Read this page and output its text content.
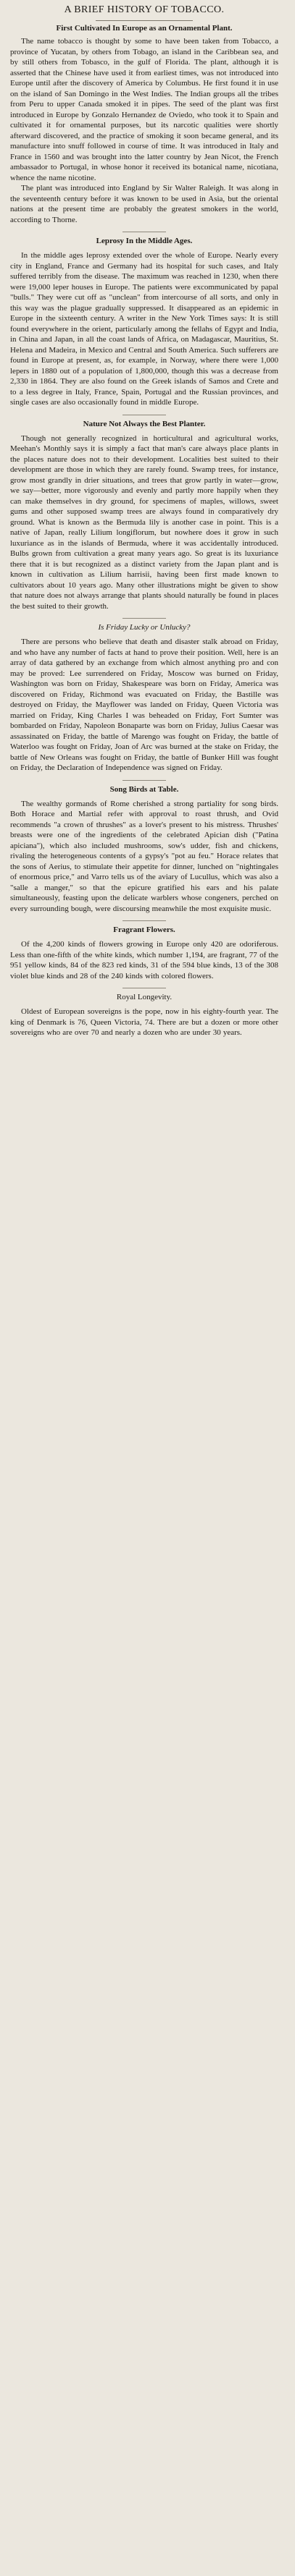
A BRIEF HISTORY OF TOBACCO.
First Cultivated In Europe as an Ornamental Plant.

The name tobacco is thought by some to have been taken from Tobacco, a province of Yucatan, by others from Tobago, an island in the Caribbean sea, and by still others from Tobasco, in the gulf of Florida. The plant, although it is asserted that the Chinese have used it from earliest times, was not introduced into Europe until after the discovery of America by Columbus. He first found it in use on the island of San Domingo in the West Indies. The Indian groups all the tribes from Peru to upper Canada smoked it in pipes. The seed of the plant was first introduced in Europe by Gonzalo Hernandez de Oviedo, who took it to Spain and cultivated it for ornamental purposes, but its narcotic qualities were shortly afterward discovered, and the practice of smoking it soon became general, and its manufacture into snuff followed in course of time. It was introduced in Italy and France in 1560 and was brought into the latter country by Jean Nicot, the French ambassador to Portugal, in whose honor it received its botanical name, nicotiana, whence the name nicotine.

The plant was introduced into England by Sir Walter Raleigh. It was along in the seventeenth century before it was known to be used in Asia, but the oriental nations at the present time are probably the greatest smokers in the world, according to Thorne.

Leprosy In the Middle Ages.

In the middle ages leprosy extended over the whole of Europe. Nearly every city in England, France and Germany had its hospital for such cases, and Italy suffered terribly from the disease. The maximum was reached in 1230, when there were 19,000 leper houses in Europe. The patients were excommunicated by papal "bulls." They were cut off as "unclean" from intercourse of all sorts, and only in this way was the plague gradually suppressed. It disappeared as an epidemic in Europe in the sixteenth century. A writer in the New York Times says: It is still found everywhere in the orient, particularly among the fellahs of Egypt and India, in China and Japan, in all the coast lands of Africa, on Madagascar, Mauritius, St. Helena and Madeira, in Mexico and Central and South America. Such sufferers are found in Europe at present, as, for example, in Norway, where there were 1,000 lepers in 1880 out of a population of 1,800,000, though this was a decrease from 2,330 in 1864. They are also found on the Greek islands of Samos and Crete and to a less degree in Italy, France, Spain, Portugal and the Russian provinces, and single cases are also occasionally found in middle Europe.

Nature Not Always the Best Planter.

Though not generally recognized in horticultural and agricultural works, Meehan's Monthly says it is simply a fact that man's care always place plants in the places nature does not to their development. Localities best suited to their development are those in which they are rarely found. Swamp trees, for instance, grow most grandly in drier situations, and trees that grow partly in water—grow, we say—better, more vigorously and evenly and partly more happily when they can make themselves in dry ground, for specimens of maples, willows, sweet gums and other supposed swamp trees are always found in comparatively dry ground. What is known as the Bermuda lily is another case in point. This is a native of Japan, really Lilium longiflorum, but nowhere does it grow in such luxuriance as in the islands of Bermuda, where it was accidentally introduced. Bulbs grown from cultivation a great many years ago. So great is its luxuriance there that it is but recognized as a distinct variety from the Japan plant and is known in cultivation as Lilium harrisii, having been first made known to cultivators about 10 years ago. Many other illustrations might be given to show that nature does not always arrange that plants should naturally be found in places the best suited to their growth.

Is Friday Lucky or Unlucky?

There are persons who believe that death and disaster stalk abroad on Friday, and who have any number of facts at hand to prove their position. Well, here is an array of data gathered by an exchange from which almost anything pro and con may be proved: Lee surrendered on Friday, Moscow was burned on Friday, Washington was born on Friday, Shakespeare was born on Friday, America was discovered on Friday, Richmond was evacuated on Friday, the Bastille was destroyed on Friday, the Mayflower was landed on Friday, Queen Victoria was married on Friday, King Charles I was beheaded on Friday, Fort Sumter was bombarded on Friday, Napoleon Bonaparte was born on Friday, Julius Caesar was assassinated on Friday, the battle of Marengo was fought on Friday, the battle of Waterloo was fought on Friday, Joan of Arc was burned at the stake on Friday, the battle of New Orleans was fought on Friday, the battle of Bunker Hill was fought on Friday, the Declaration of Independence was signed on Friday.

Song Birds at Table.

The wealthy gormands of Rome cherished a strong partiality for song birds. Both Horace and Martial refer with approval to roast thrush, and Ovid recommends "a crown of thrushes" as a lover's present to his mistress. Thrushes' breasts were one of the ingredients of the celebrated Apician dish ("Patina apiciana"), which also included mushrooms, sow's udder, fish and chickens, rivaling the heterogeneous contents of a gypsy's "pot au feu." Horace relates that the sons of Aerius, to stimulate their appetite for dinner, lunched on "nightingales of enormous price," and Varro tells us of the aviary of Lucullus, which was also a "salle a manger," so that the epicure gratified his ears and his palate simultaneously, feasting upon the delicate warblers whose congeners, perched on every surrounding bough, were discoursing meanwhile the most exquisite music.

Fragrant Flowers.

Of the 4,200 kinds of flowers growing in Europe only 420 are odoriferous. Less than one-fifth of the white kinds, which number 1,194, are fragrant, 77 of the 951 yellow kinds, 84 of the 823 red kinds, 31 of the 594 blue kinds, 13 of the 308 violet blue kinds and 28 of the 240 kinds with colored flowers.

Royal Longevity.

Oldest of European sovereigns is the pope, now in his eighty-fourth year. The king of Denmark is 76, Queen Victoria, 74. There are but a dozen or more other sovereigns who are over 70 and nearly a dozen who are under 30 years.
